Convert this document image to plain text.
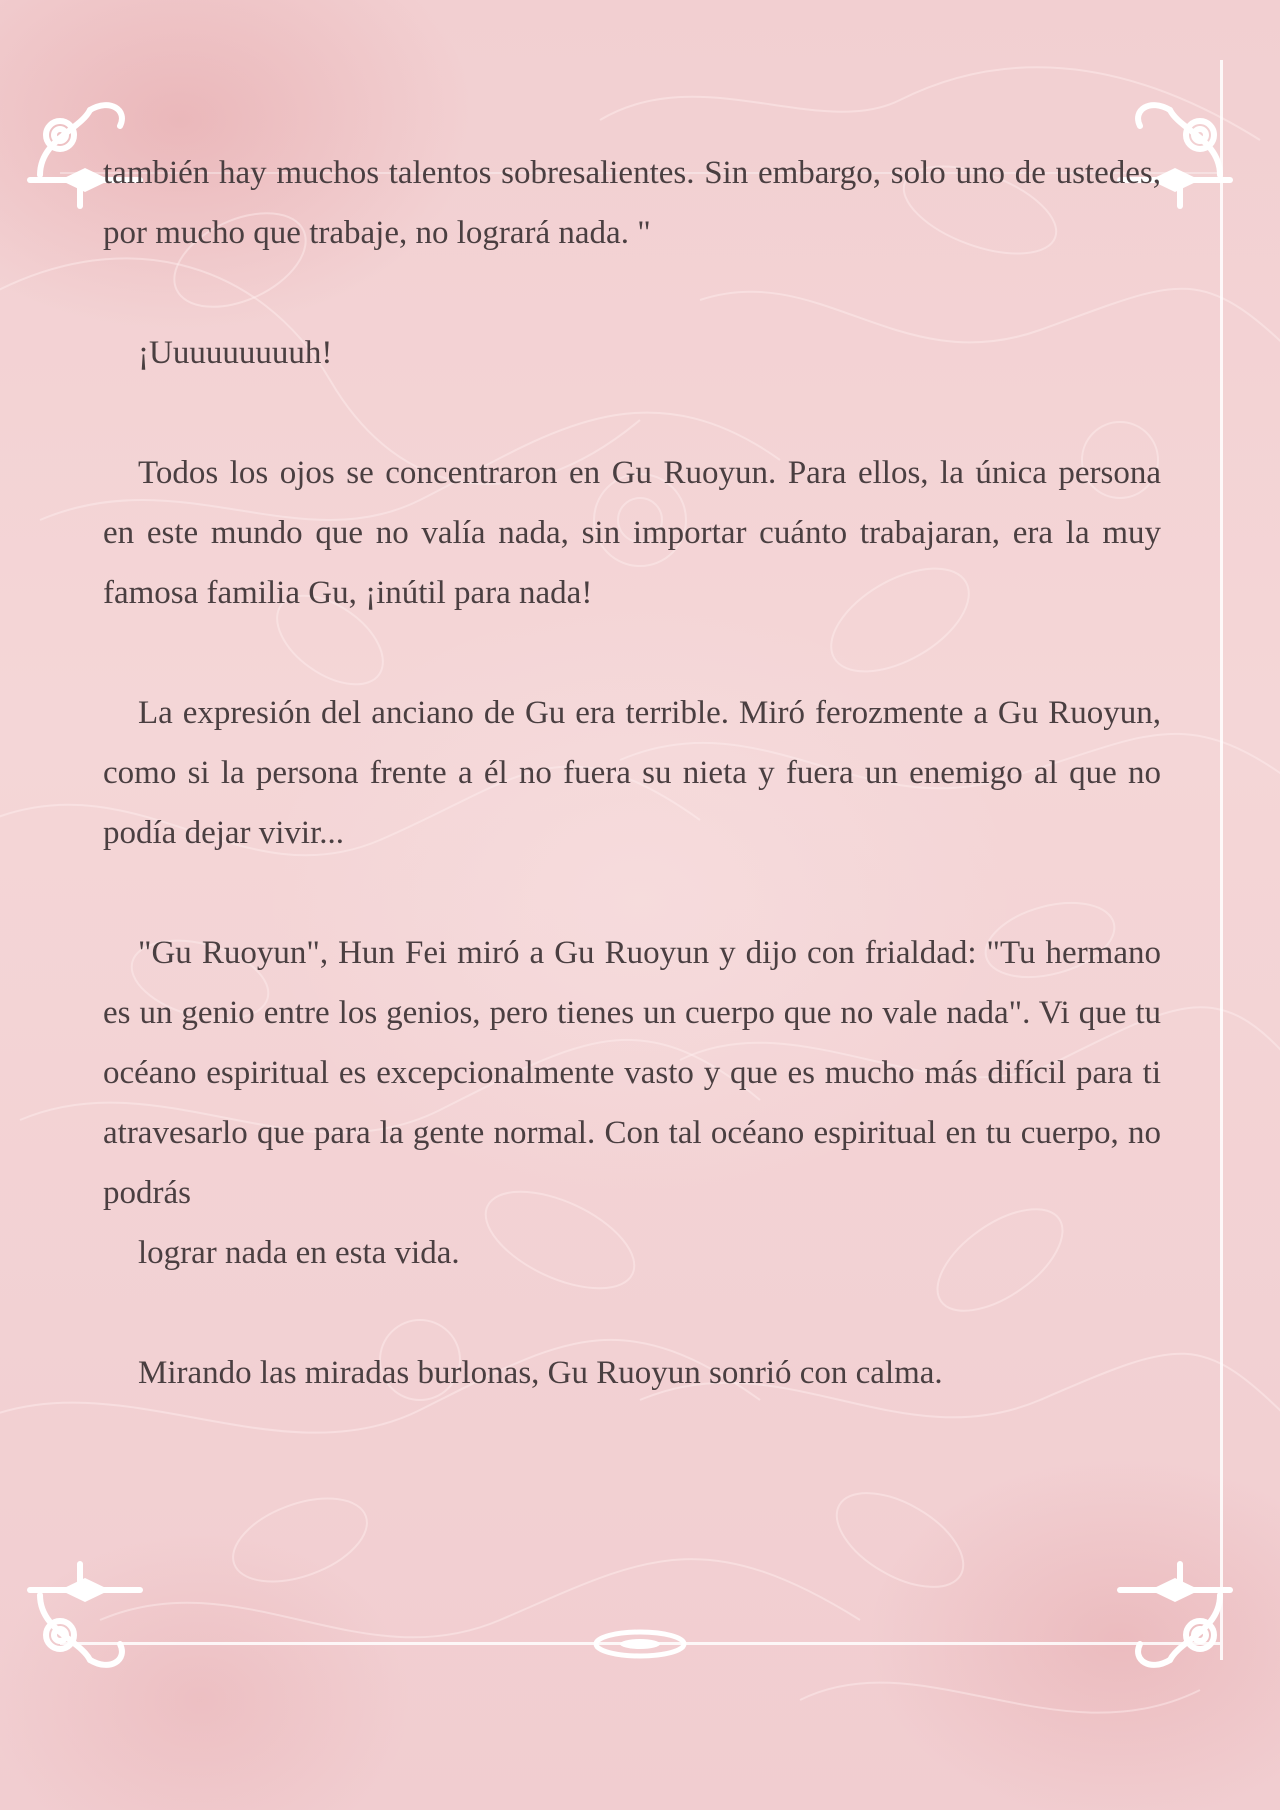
también hay muchos talentos sobresalientes. Sin embargo, solo uno de ustedes, por mucho que trabaje, no logrará nada. "

¡Uuuuuuuuuh!

Todos los ojos se concentraron en Gu Ruoyun. Para ellos, la única persona en este mundo que no valía nada, sin importar cuánto trabajaran, era la muy famosa familia Gu, ¡inútil para nada!

La expresión del anciano de Gu era terrible. Miró ferozmente a Gu Ruoyun, como si la persona frente a él no fuera su nieta y fuera un enemigo al que no podía dejar vivir...

"Gu Ruoyun", Hun Fei miró a Gu Ruoyun y dijo con frialdad: "Tu hermano es un genio entre los genios, pero tienes un cuerpo que no vale nada". Vi que tu océano espiritual es excepcionalmente vasto y que es mucho más difícil para ti atravesarlo que para la gente normal. Con tal océano espiritual en tu cuerpo, no podrás

lograr nada en esta vida.

Mirando las miradas burlonas, Gu Ruoyun sonrió con calma.
